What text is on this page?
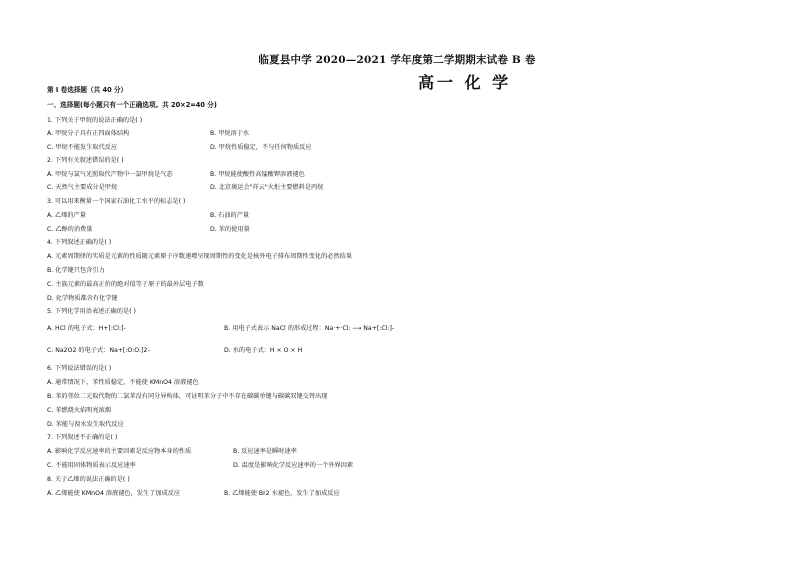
临夏县中学 2020—2021 学年度第二学期期末试卷 B 卷
高一 化 学
第 I 卷选择题（共 40 分）
一、选择题(每小题只有一个正确选项。共 20×2=40 分)
1. 下列关于甲烷的说法正确的是( )
A. 甲烷分子具有正四面体结构	B. 甲烷溶于水
C. 甲烷不能发生取代反应	D. 甲烷性质稳定，不与任何物质反应
2. 下列有关叙述错误的是( )
A. 甲烷与氯气光照取代产物中一氯甲烷是气态	B. 甲烷能使酸性高锰酸钾溶液褪色
C. 天然气主要成分是甲烷	D. 北京奥运会"祥云"火炬主要燃料是丙烷
3. 可以用来衡量一个国家石油化工水平的标志是( )
A. 乙烯的产量	B. 石油的产量
C. 乙醇的消费量	D. 苯的使用量
4. 下列叙述正确的是( )
A. 元素周期律的实质是元素的性质随元素原子序数递增呈现周期性的变化是核外电子排布周期性变化的必然结果
B. 化学键只包含引力
C. 主族元素的最高正价的绝对值等于原子的最外层电子数
D. 化学物质都含有化学键
5. 下列化学用语表述正确的是( )
A. HCl 的电子式：H+[:Cl:]-	B. 用电子式表示 NaCl 的形成过程：Na·+·Cl: ⟶ Na+[:Cl:]-
C. Na2O2 的电子式：Na+[:O:O:]2-	D. 水的电子式：H × O × H
6. 下列说法错误的是( )
A. 通常情况下，苯性质稳定，不能使 KMnO4 溶液褪色
B. 苯的邻位二元取代物的二氯苯没有同分异构体，可证明苯分子中不存在碳碳单键与碳碳双键交替出现
C. 苯燃烧火焰明亮浓烟
D. 苯能与溴水发生取代反应
7. 下列叙述不正确的是( )
A. 影响化学反应速率的主要因素是反应物本身的性质	B. 反应速率是瞬时速率
C. 不能用固体物质表示反应速率	D. 温度是影响化学反应速率的一个外界因素
8. 关于乙烯的说法正确的是( )
A. 乙烯能使 KMnO4 溶液褪色，发生了加成反应	B. 乙烯能使 Br2 水褪色，发生了加成反应
